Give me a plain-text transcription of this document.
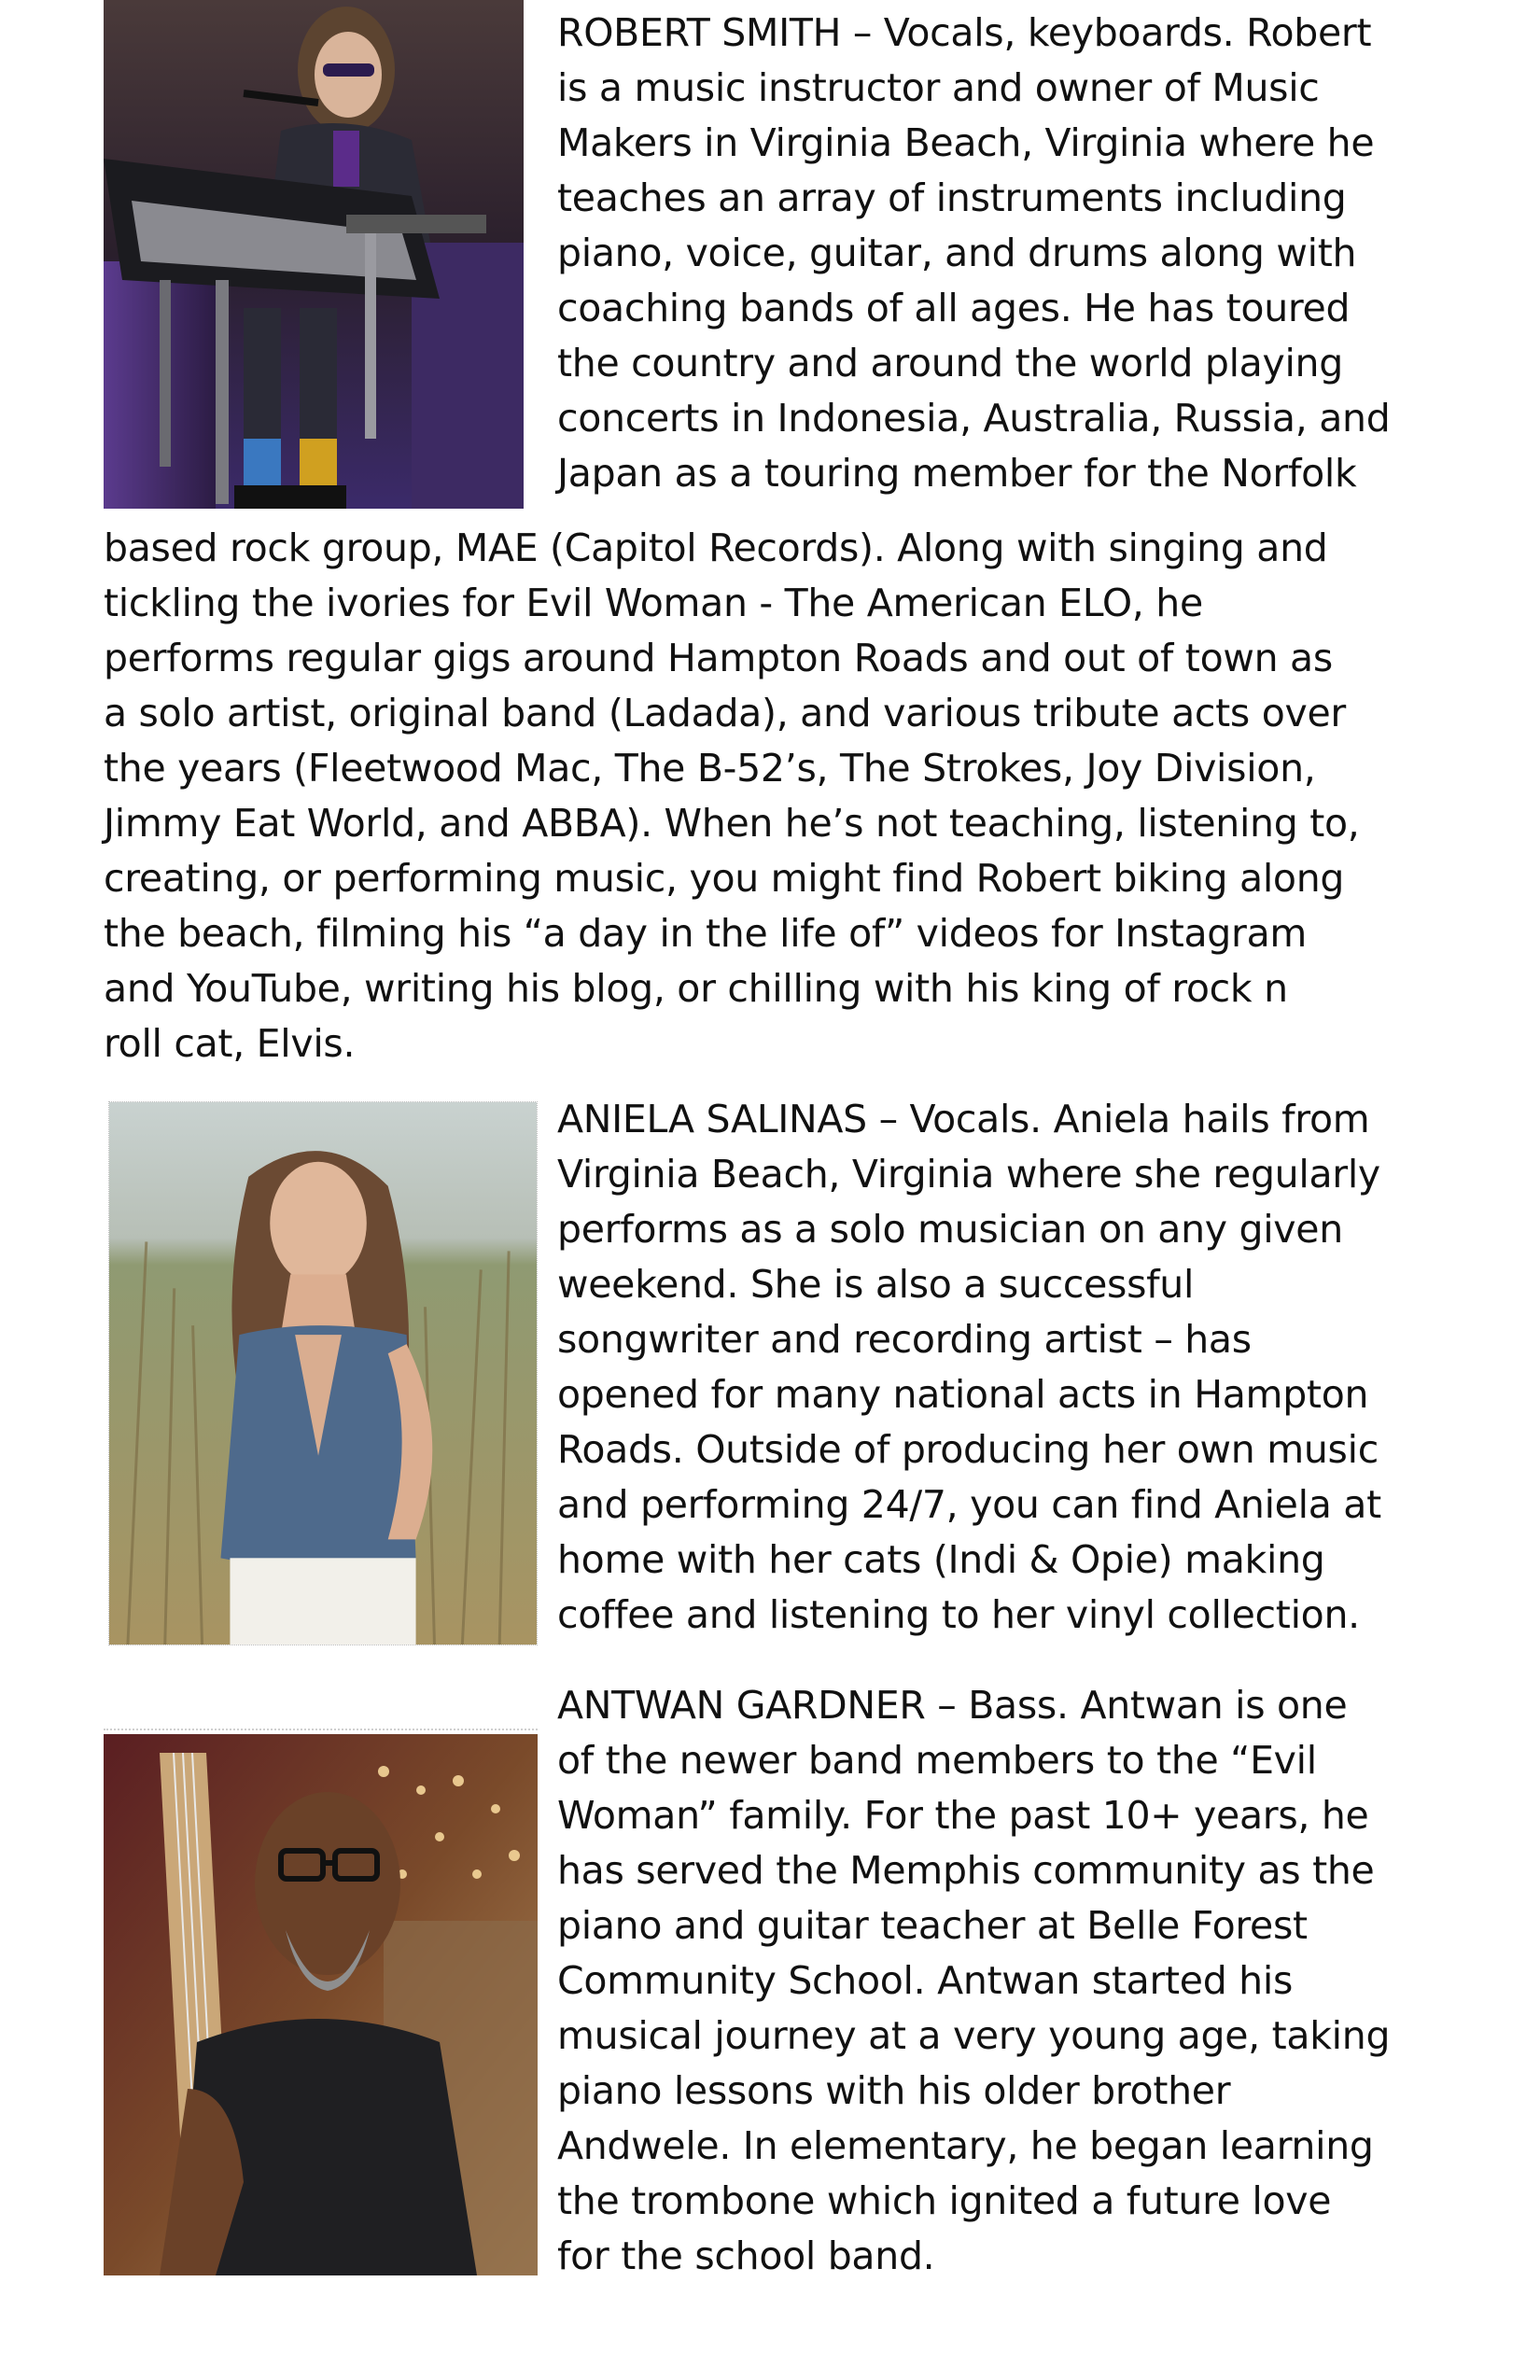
ROBERT SMITH – Vocals, keyboards. Robert
is a music instructor and owner of Music
Makers in Virginia Beach, Virginia where he
teaches an array of instruments including
piano, voice, guitar, and drums along with
coaching bands of all ages. He has toured
the country and around the world playing
concerts in Indonesia, Australia, Russia, and
Japan as a touring member for the Norfolk

based rock group, MAE (Capitol Records). Along with singing and
tickling the ivories for Evil Woman - The American ELO, he
performs regular gigs around Hampton Roads and out of town as
a solo artist, original band (Ladada), and various tribute acts over
the years (Fleetwood Mac, The B-52’s, The Strokes, Joy Division,
Jimmy Eat World, and ABBA). When he’s not teaching, listening to,
creating, or performing music, you might find Robert biking along
the beach, filming his “a day in the life of” videos for Instagram
and YouTube, writing his blog, or chilling with his king of rock n
roll cat, Elvis.

ANIELA SALINAS – Vocals. Aniela hails from
Virginia Beach, Virginia where she regularly
performs as a solo musician on any given
weekend. She is also a successful
songwriter and recording artist – has
opened for many national acts in Hampton
Roads. Outside of producing her own music
and performing 24/7, you can find Aniela at
home with her cats (Indi & Opie) making
coffee and listening to her vinyl collection.

ANTWAN GARDNER – Bass. Antwan is one
of the newer band members to the “Evil
Woman” family. For the past 10+ years, he
has served the Memphis community as the
piano and guitar teacher at Belle Forest
Community School. Antwan started his
musical journey at a very young age, taking
piano lessons with his older brother
Andwele. In elementary, he began learning
the trombone which ignited a future love
for the school band.
